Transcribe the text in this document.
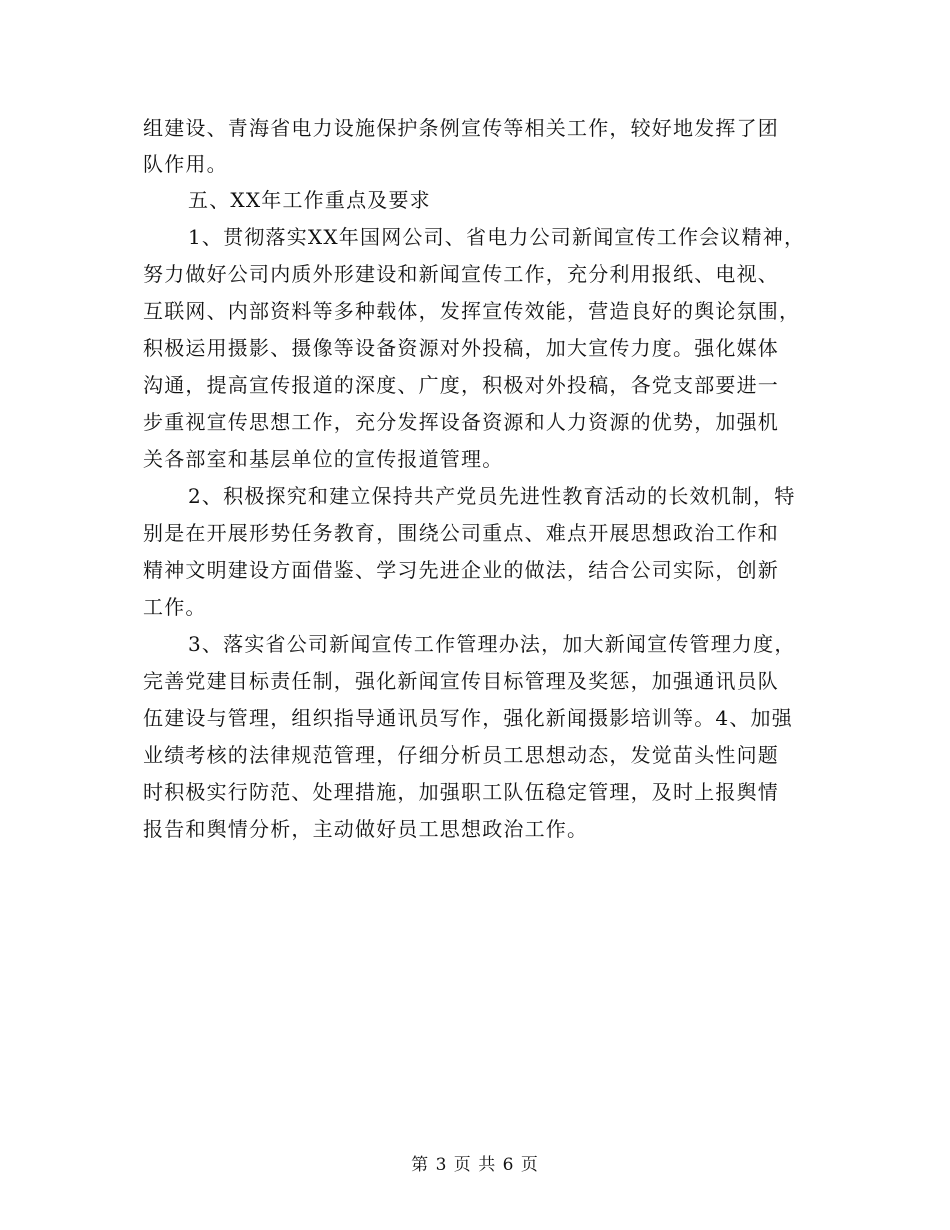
组建设、青海省电力设施保护条例宣传等相关工作，较好地发挥了团
队作用。
五、XX年工作重点及要求
1、贯彻落实XX年国网公司、省电力公司新闻宣传工作会议精神，
努力做好公司内质外形建设和新闻宣传工作，充分利用报纸、电视、
互联网、内部资料等多种载体，发挥宣传效能，营造良好的舆论氛围，
积极运用摄影、摄像等设备资源对外投稿，加大宣传力度。强化媒体
沟通，提高宣传报道的深度、广度，积极对外投稿，各党支部要进一
步重视宣传思想工作，充分发挥设备资源和人力资源的优势，加强机
关各部室和基层单位的宣传报道管理。
2、积极探究和建立保持共产党员先进性教育活动的长效机制，特
别是在开展形势任务教育，围绕公司重点、难点开展思想政治工作和
精神文明建设方面借鉴、学习先进企业的做法，结合公司实际，创新
工作。
3、落实省公司新闻宣传工作管理办法，加大新闻宣传管理力度，
完善党建目标责任制，强化新闻宣传目标管理及奖惩，加强通讯员队
伍建设与管理，组织指导通讯员写作，强化新闻摄影培训等。4、加强
业绩考核的法律规范管理，仔细分析员工思想动态，发觉苗头性问题
时积极实行防范、处理措施，加强职工队伍稳定管理，及时上报舆情
报告和舆情分析，主动做好员工思想政治工作。
第 3 页 共 6 页
